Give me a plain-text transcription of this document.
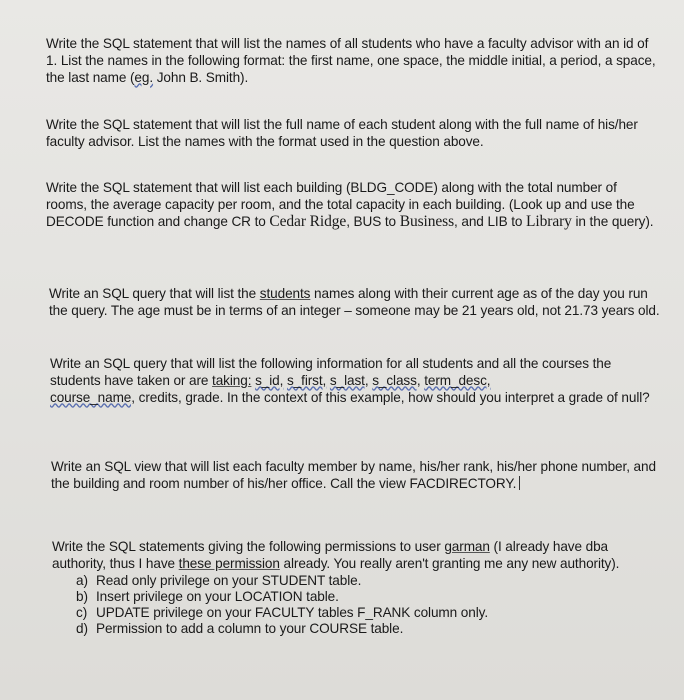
Write the SQL statement that will list the names of all students who have a faculty advisor with an id of 1. List the names in the following format: the first name, one space, the middle initial, a period, a space, the last name (eg. John B. Smith).

Write the SQL statement that will list the full name of each student along with the full name of his/her faculty advisor. List the names with the format used in the question above.

Write the SQL statement that will list each building (BLDG_CODE) along with the total number of rooms, the average capacity per room, and the total capacity in each building. (Look up and use the DECODE function and change CR to Cedar Ridge, BUS to Business, and LIB to Library in the query).

Write an SQL query that will list the students names along with their current age as of the day you run the query. The age must be in terms of an integer – someone may be 21 years old, not 21.73 years old.

Write an SQL query that will list the following information for all students and all the courses the students have taken or are taking: s_id, s_first, s_last, s_class, term_desc,
course_name, credits, grade. In the context of this example, how should you interpret a grade of null?

Write an SQL view that will list each faculty member by name, his/her rank, his/her phone number, and the building and room number of his/her office. Call the view FACDIRECTORY.

Write the SQL statements giving the following permissions to user garman (I already have dba authority, thus I have these permission already. You really aren't granting me any new authority).

a) Read only privilege on your STUDENT table.
b) Insert privilege on your LOCATION table.
c) UPDATE privilege on your FACULTY tables F_RANK column only.
d) Permission to add a column to your COURSE table.
